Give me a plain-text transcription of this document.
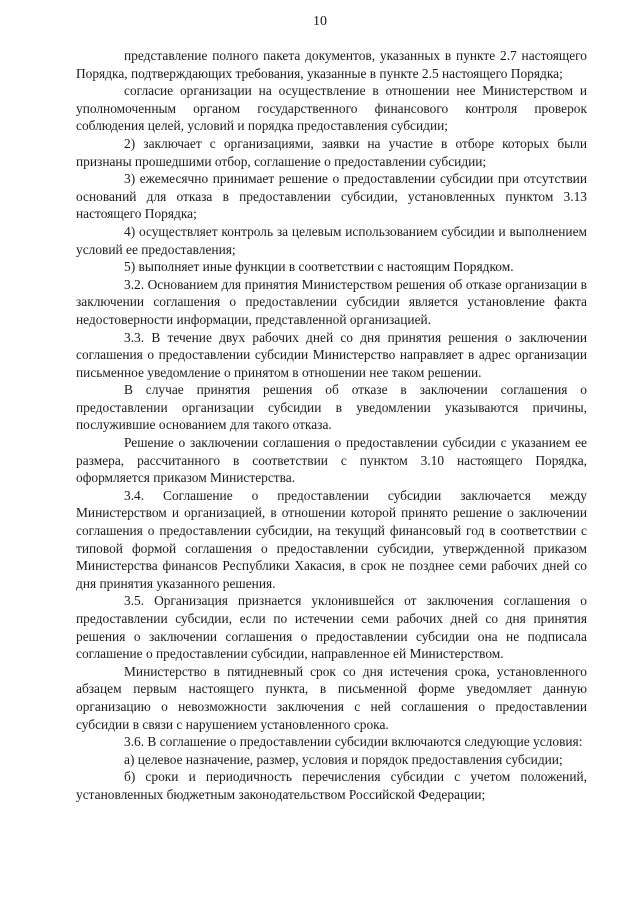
10

представление полного пакета документов, указанных в пункте 2.7 настоящего Порядка, подтверждающих требования, указанные в пункте 2.5 настоящего Порядка;

согласие организации на осуществление в отношении нее Министерством и уполномоченным органом государственного финансового контроля проверок соблюдения целей, условий и порядка предоставления субсидии;

2) заключает с организациями, заявки на участие в отборе которых были признаны прошедшими отбор, соглашение о предоставлении субсидии;

3) ежемесячно принимает решение о предоставлении субсидии при отсутствии оснований для отказа в предоставлении субсидии, установленных пунктом 3.13 настоящего Порядка;

4) осуществляет контроль за целевым использованием субсидии и выполнением условий ее предоставления;

5) выполняет иные функции в соответствии с настоящим Порядком.

3.2. Основанием для принятия Министерством решения об отказе организации в заключении соглашения о предоставлении субсидии является установление факта недостоверности информации, представленной организацией.

3.3. В течение двух рабочих дней со дня принятия решения о заключении соглашения о предоставлении субсидии Министерство направляет в адрес организации письменное уведомление о принятом в отношении нее таком решении.

В случае принятия решения об отказе в заключении соглашения о предоставлении организации субсидии в уведомлении указываются причины, послужившие основанием для такого отказа.

Решение о заключении соглашения о предоставлении субсидии с указанием ее размера, рассчитанного в соответствии с пунктом 3.10 настоящего Порядка, оформляется приказом Министерства.

3.4. Соглашение о предоставлении субсидии заключается между Министерством и организацией, в отношении которой принято решение о заключении соглашения о предоставлении субсидии, на текущий финансовый год в соответствии с типовой формой соглашения о предоставлении субсидии, утвержденной приказом Министерства финансов Республики Хакасия, в срок не позднее семи рабочих дней со дня принятия указанного решения.

3.5. Организация признается уклонившейся от заключения соглашения о предоставлении субсидии, если по истечении семи рабочих дней со дня принятия решения о заключении соглашения о предоставлении субсидии она не подписала соглашение о предоставлении субсидии, направленное ей Министерством.

Министерство в пятидневный срок со дня истечения срока, установленного абзацем первым настоящего пункта, в письменной форме уведомляет данную организацию о невозможности заключения с ней соглашения о предоставлении субсидии в связи с нарушением установленного срока.

3.6. В соглашение о предоставлении субсидии включаются следующие условия:

а) целевое назначение, размер, условия и порядок предоставления субсидии;

б) сроки и периодичность перечисления субсидии с учетом положений, установленных бюджетным законодательством Российской Федерации;
